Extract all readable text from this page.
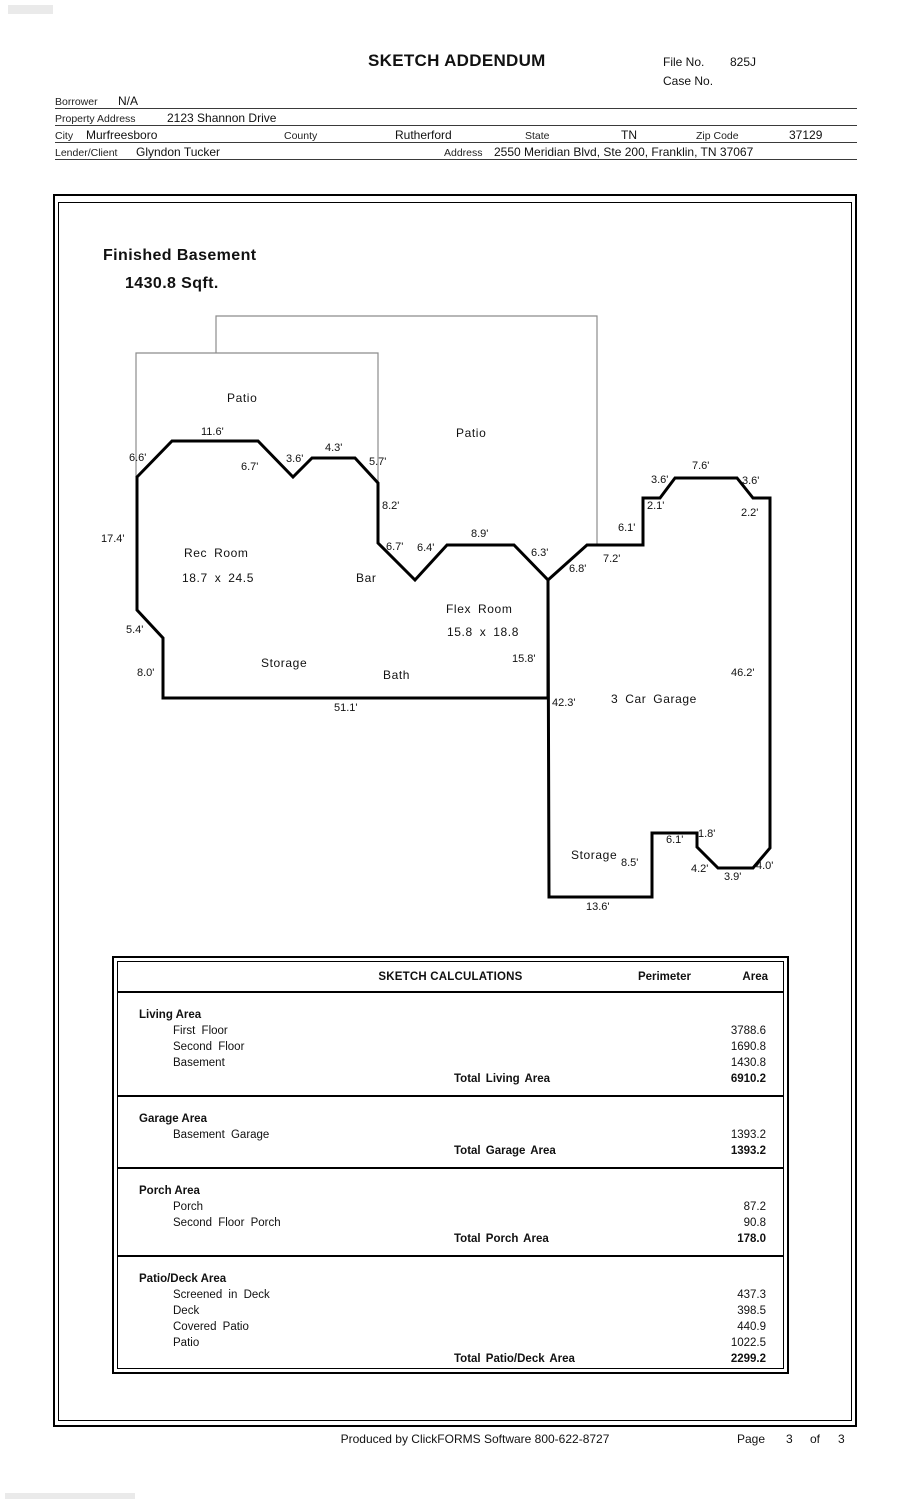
SKETCH ADDENDUM	File No. 825J
Case No.
Borrower N/A
Property Address	2123 Shannon Drive
City Murfreesboro	County	Rutherford	State	TN	Zip Code	37129
Lender/Client Glyndon Tucker	Address 2550 Meridian Blvd, Ste 200, Franklin, TN 37067
Finished Basement
1430.8 Sqft.
Patio
Patio
Rec Room
18.7 x 24.5	Bar
Flex Room
15.8 x 18.8
Storage
Bath
3 Car Garage
Storage
6.6'
11.6'
6.7'
3.6'
4.3'
5.7'
8.2'
6.7' 6.4'
8.9'
6.3'
6.8'
7.2'
6.1'
2.1'
3.6'
7.6'
3.6'
2.2'
17.4'
5.4'
8.0'
51.1'
15.8'
42.3'
46.2'
8.5'
6.1' 1.8'
4.2'
3.9'
4.0'
13.6'
SKETCH CALCULATIONS	Perimeter	Area
Living Area
First Floor	3788.6
Second Floor	1690.8
Basement	1430.8
Total Living Area	6910.2
Garage Area
Basement Garage	1393.2
Total Garage Area	1393.2
Porch Area
Porch	87.2
Second Floor Porch	90.8
Total Porch Area	178.0
Patio/Deck Area
Screened in Deck	437.3
Deck	398.5
Covered Patio	440.9
Patio	1022.5
Total Patio/Deck Area	2299.2
Produced by ClickFORMS Software 800-622-8727	Page 3 of 3
